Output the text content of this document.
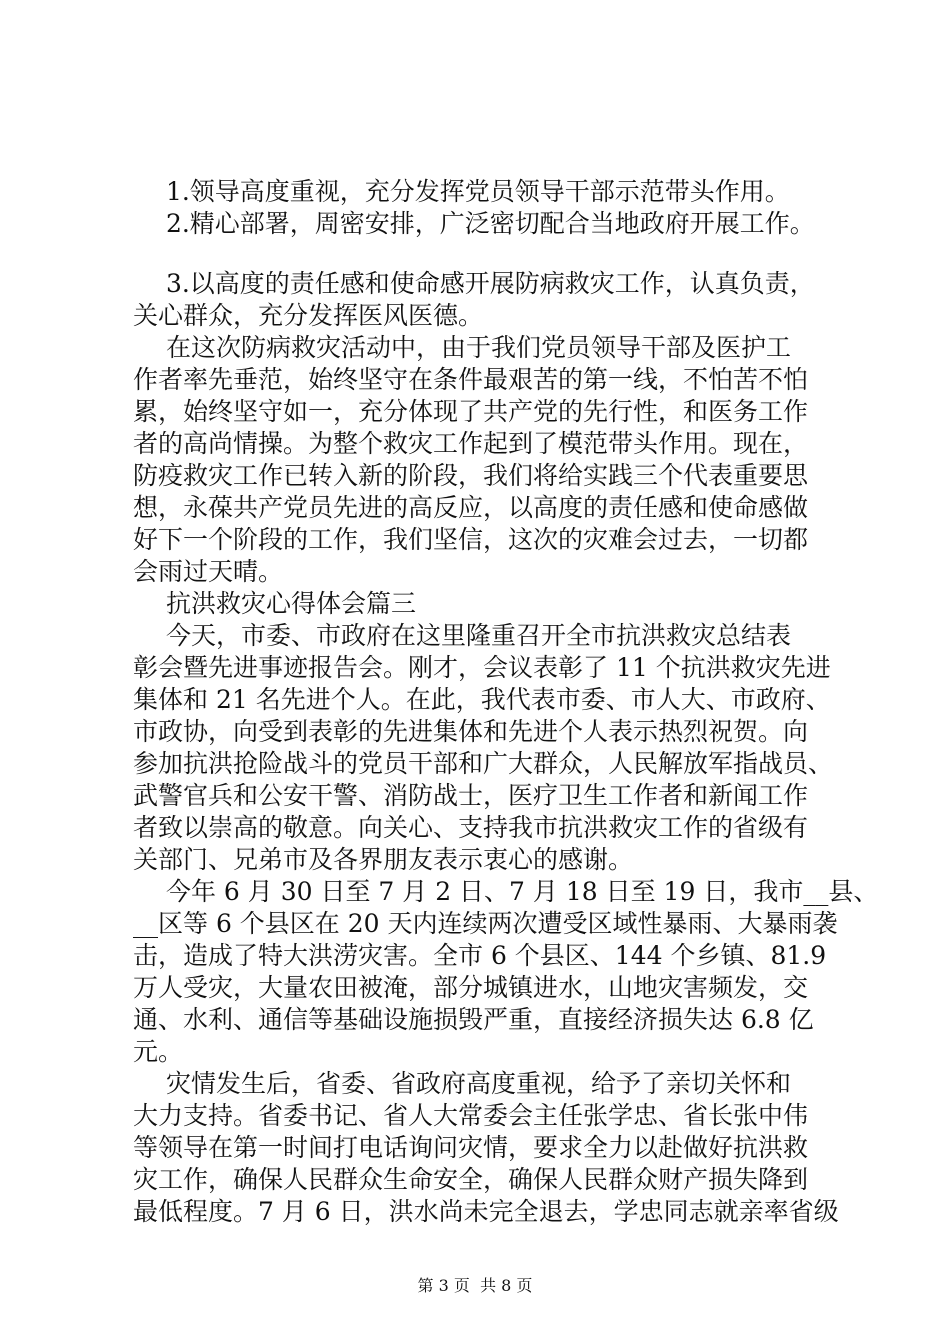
　 1.领导高度重视，充分发挥党员领导干部示范带头作用。
　 2.精心部署，周密安排，广泛密切配合当地政府开展工作。
　 3.以高度的责任感和使命感开展防病救灾工作，认真负责，
关心群众，充分发挥医风医德。
　 在这次防病救灾活动中，由于我们党员领导干部及医护工
作者率先垂范，始终坚守在条件最艰苦的第一线，不怕苦不怕
累，始终坚守如一，充分体现了共产党的先行性，和医务工作
者的高尚情操。为整个救灾工作起到了模范带头作用。现在，
防疫救灾工作已转入新的阶段，我们将给实践三个代表重要思
想，永葆共产党员先进的高反应，以高度的责任感和使命感做
好下一个阶段的工作，我们坚信，这次的灾难会过去，一切都
会雨过天晴。
　 抗洪救灾心得体会篇三
　 今天，市委、市政府在这里隆重召开全市抗洪救灾总结表
彰会暨先进事迹报告会。刚才，会议表彰了 11 个抗洪救灾先进
集体和 21 名先进个人。在此，我代表市委、市人大、市政府、
市政协，向受到表彰的先进集体和先进个人表示热烈祝贺。向
参加抗洪抢险战斗的党员干部和广大群众，人民解放军指战员、
武警官兵和公安干警、消防战士，医疗卫生工作者和新闻工作
者致以崇高的敬意。向关心、支持我市抗洪救灾工作的省级有
关部门、兄弟市及各界朋友表示衷心的感谢。
　 今年 6 月 30 日至 7 月 2 日、7 月 18 日至 19 日，我市__县、
__区等 6 个县区在 20 天内连续两次遭受区域性暴雨、大暴雨袭
击，造成了特大洪涝灾害。全市 6 个县区、144 个乡镇、81.9
万人受灾，大量农田被淹，部分城镇进水，山地灾害频发，交
通、水利、通信等基础设施损毁严重，直接经济损失达 6.8 亿
元。
　 灾情发生后，省委、省政府高度重视，给予了亲切关怀和
大力支持。省委书记、省人大常委会主任张学忠、省长张中伟
等领导在第一时间打电话询问灾情，要求全力以赴做好抗洪救
灾工作，确保人民群众生命安全，确保人民群众财产损失降到
最低程度。7 月 6 日，洪水尚未完全退去，学忠同志就亲率省级
第 3 页  共 8 页
